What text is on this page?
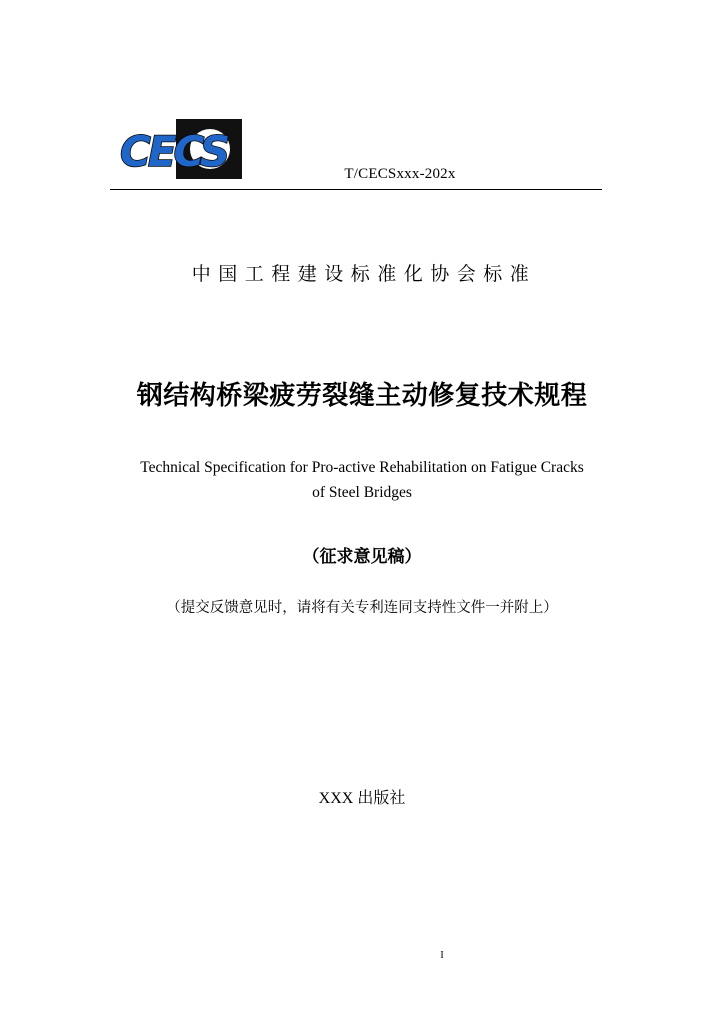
CECS	T/CECSxxx-202x
中国工程建设标准化协会标准
钢结构桥梁疲劳裂缝主动修复技术规程
Technical Specification for Pro-active Rehabilitation on Fatigue Cracks
of Steel Bridges
（征求意见稿）
（提交反馈意见时，请将有关专利连同支持性文件一并附上）
XXX 出版社
I
